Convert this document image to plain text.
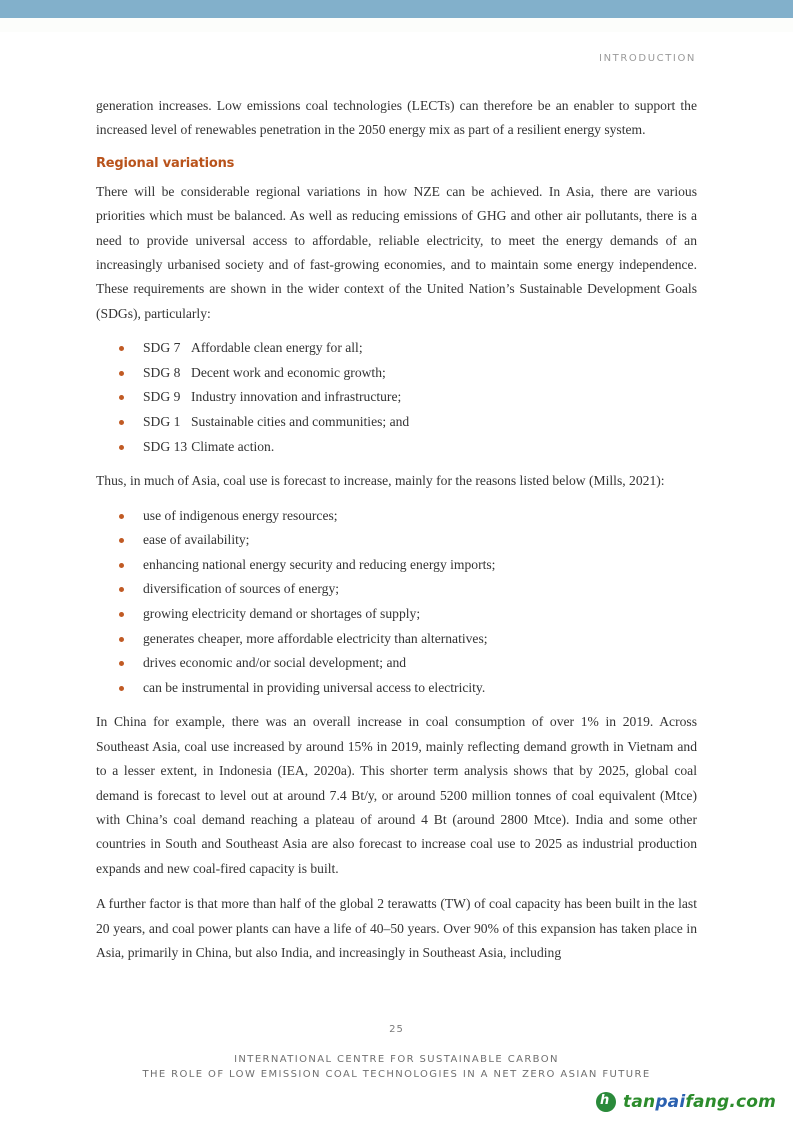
INTRODUCTION

generation increases. Low emissions coal technologies (LECTs) can therefore be an enabler to support the increased level of renewables penetration in the 2050 energy mix as part of a resilient energy system.

Regional variations

There will be considerable regional variations in how NZE can be achieved. In Asia, there are various priorities which must be balanced. As well as reducing emissions of GHG and other air pollutants, there is a need to provide universal access to affordable, reliable electricity, to meet the energy demands of an increasingly urbanised society and of fast-growing economies, and to maintain some energy independence. These requirements are shown in the wider context of the United Nation’s Sustainable Development Goals (SDGs), particularly:

SDG 7 Affordable clean energy for all;
SDG 8 Decent work and economic growth;
SDG 9 Industry innovation and infrastructure;
SDG 1 Sustainable cities and communities; and
SDG 13 Climate action.

Thus, in much of Asia, coal use is forecast to increase, mainly for the reasons listed below (Mills, 2021):

use of indigenous energy resources;
ease of availability;
enhancing national energy security and reducing energy imports;
diversification of sources of energy;
growing electricity demand or shortages of supply;
generates cheaper, more affordable electricity than alternatives;
drives economic and/or social development; and
can be instrumental in providing universal access to electricity.

In China for example, there was an overall increase in coal consumption of over 1% in 2019. Across Southeast Asia, coal use increased by around 15% in 2019, mainly reflecting demand growth in Vietnam and to a lesser extent, in Indonesia (IEA, 2020a). This shorter term analysis shows that by 2025, global coal demand is forecast to level out at around 7.4 Bt/y, or around 5200 million tonnes of coal equivalent (Mtce) with China’s coal demand reaching a plateau of around 4 Bt (around 2800 Mtce). India and some other countries in South and Southeast Asia are also forecast to increase coal use to 2025 as industrial production expands and new coal-fired capacity is built.

A further factor is that more than half of the global 2 terawatts (TW) of coal capacity has been built in the last 20 years, and coal power plants can have a life of 40–50 years. Over 90% of this expansion has taken place in Asia, primarily in China, but also India, and increasingly in Southeast Asia, including

25
INTERNATIONAL CENTRE FOR SUSTAINABLE CARBON
THE ROLE OF LOW EMISSION COAL TECHNOLOGIES IN A NET ZERO ASIAN FUTURE
h tanpaifang.com
